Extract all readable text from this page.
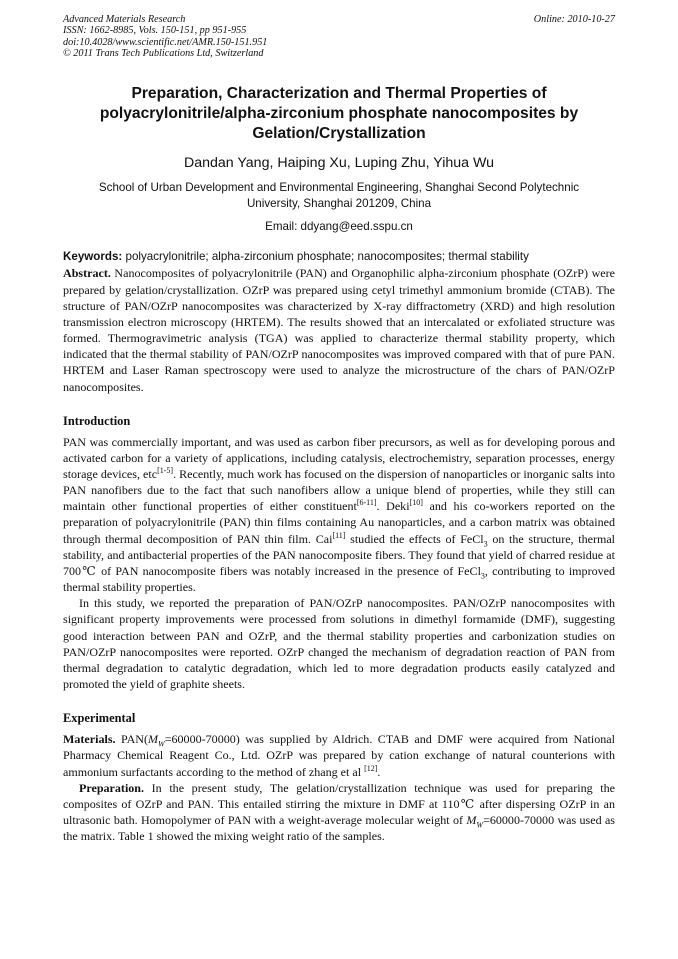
Advanced Materials Research
ISSN: 1662-8985, Vols. 150-151, pp 951-955
doi:10.4028/www.scientific.net/AMR.150-151.951
© 2011 Trans Tech Publications Ltd, Switzerland
Online: 2010-10-27
Preparation, Characterization and Thermal Properties of
polyacrylonitrile/alpha-zirconium phosphate nanocomposites by
Gelation/Crystallization
Dandan Yang, Haiping Xu, Luping Zhu, Yihua Wu
School of Urban Development and Environmental Engineering, Shanghai Second Polytechnic
University, Shanghai 201209, China
Email: ddyang@eed.sspu.cn
Keywords: polyacrylonitrile; alpha-zirconium phosphate; nanocomposites; thermal stability

Abstract. Nanocomposites of polyacrylonitrile (PAN) and Organophilic alpha-zirconium phosphate (OZrP) were prepared by gelation/crystallization. OZrP was prepared using cetyl trimethyl ammonium bromide (CTAB). The structure of PAN/OZrP nanocomposites was characterized by X-ray diffractometry (XRD) and high resolution transmission electron microscopy (HRTEM). The results showed that an intercalated or exfoliated structure was formed. Thermogravimetric analysis (TGA) was applied to characterize thermal stability property, which indicated that the thermal stability of PAN/OZrP nanocomposites was improved compared with that of pure PAN. HRTEM and Laser Raman spectroscopy were used to analyze the microstructure of the chars of PAN/OZrP nanocomposites.

Introduction

PAN was commercially important, and was used as carbon fiber precursors, as well as for developing porous and activated carbon for a variety of applications, including catalysis, electrochemistry, separation processes, energy storage devices, etc[1-5]. Recently, much work has focused on the dispersion of nanoparticles or inorganic salts into PAN nanofibers due to the fact that such nanofibers allow a unique blend of properties, while they still can maintain other functional properties of either constituent[6-11]. Deki[10] and his co-workers reported on the preparation of polyacrylonitrile (PAN) thin films containing Au nanoparticles, and a carbon matrix was obtained through thermal decomposition of PAN thin film. Cai[11] studied the effects of FeCl$_3$ on the structure, thermal stability, and antibacterial properties of the PAN nanocomposite fibers. They found that yield of charred residue at 700℃ of PAN nanocomposite fibers was notably increased in the presence of FeCl$_3$, contributing to improved thermal stability properties.

In this study, we reported the preparation of PAN/OZrP nanocomposites. PAN/OZrP nanocomposites with significant property improvements were processed from solutions in dimethyl formamide (DMF), suggesting good interaction between PAN and OZrP, and the thermal stability properties and carbonization studies on PAN/OZrP nanocomposites were reported. OZrP changed the mechanism of degradation reaction of PAN from thermal degradation to catalytic degradation, which led to more degradation products easily catalyzed and promoted the yield of graphite sheets.

Experimental

Materials. $PAN(M_W=60000-70000)$ was supplied by Aldrich. CTAB and DMF were acquired from National Pharmacy Chemical Reagent Co., Ltd. OZrP was prepared by cation exchange of natural counterions with ammonium surfactants according to the method of zhang et al [12].

Preparation. In the present study, The gelation/crystallization technique was used for preparing the composites of OZrP and PAN. This entailed stirring the mixture in DMF at 110℃ after dispersing OZrP in an ultrasonic bath. Homopolymer of PAN with a weight-average molecular weight of $M_W=60000-70000$ was used as the matrix. Table 1 showed the mixing weight ratio of the samples.
